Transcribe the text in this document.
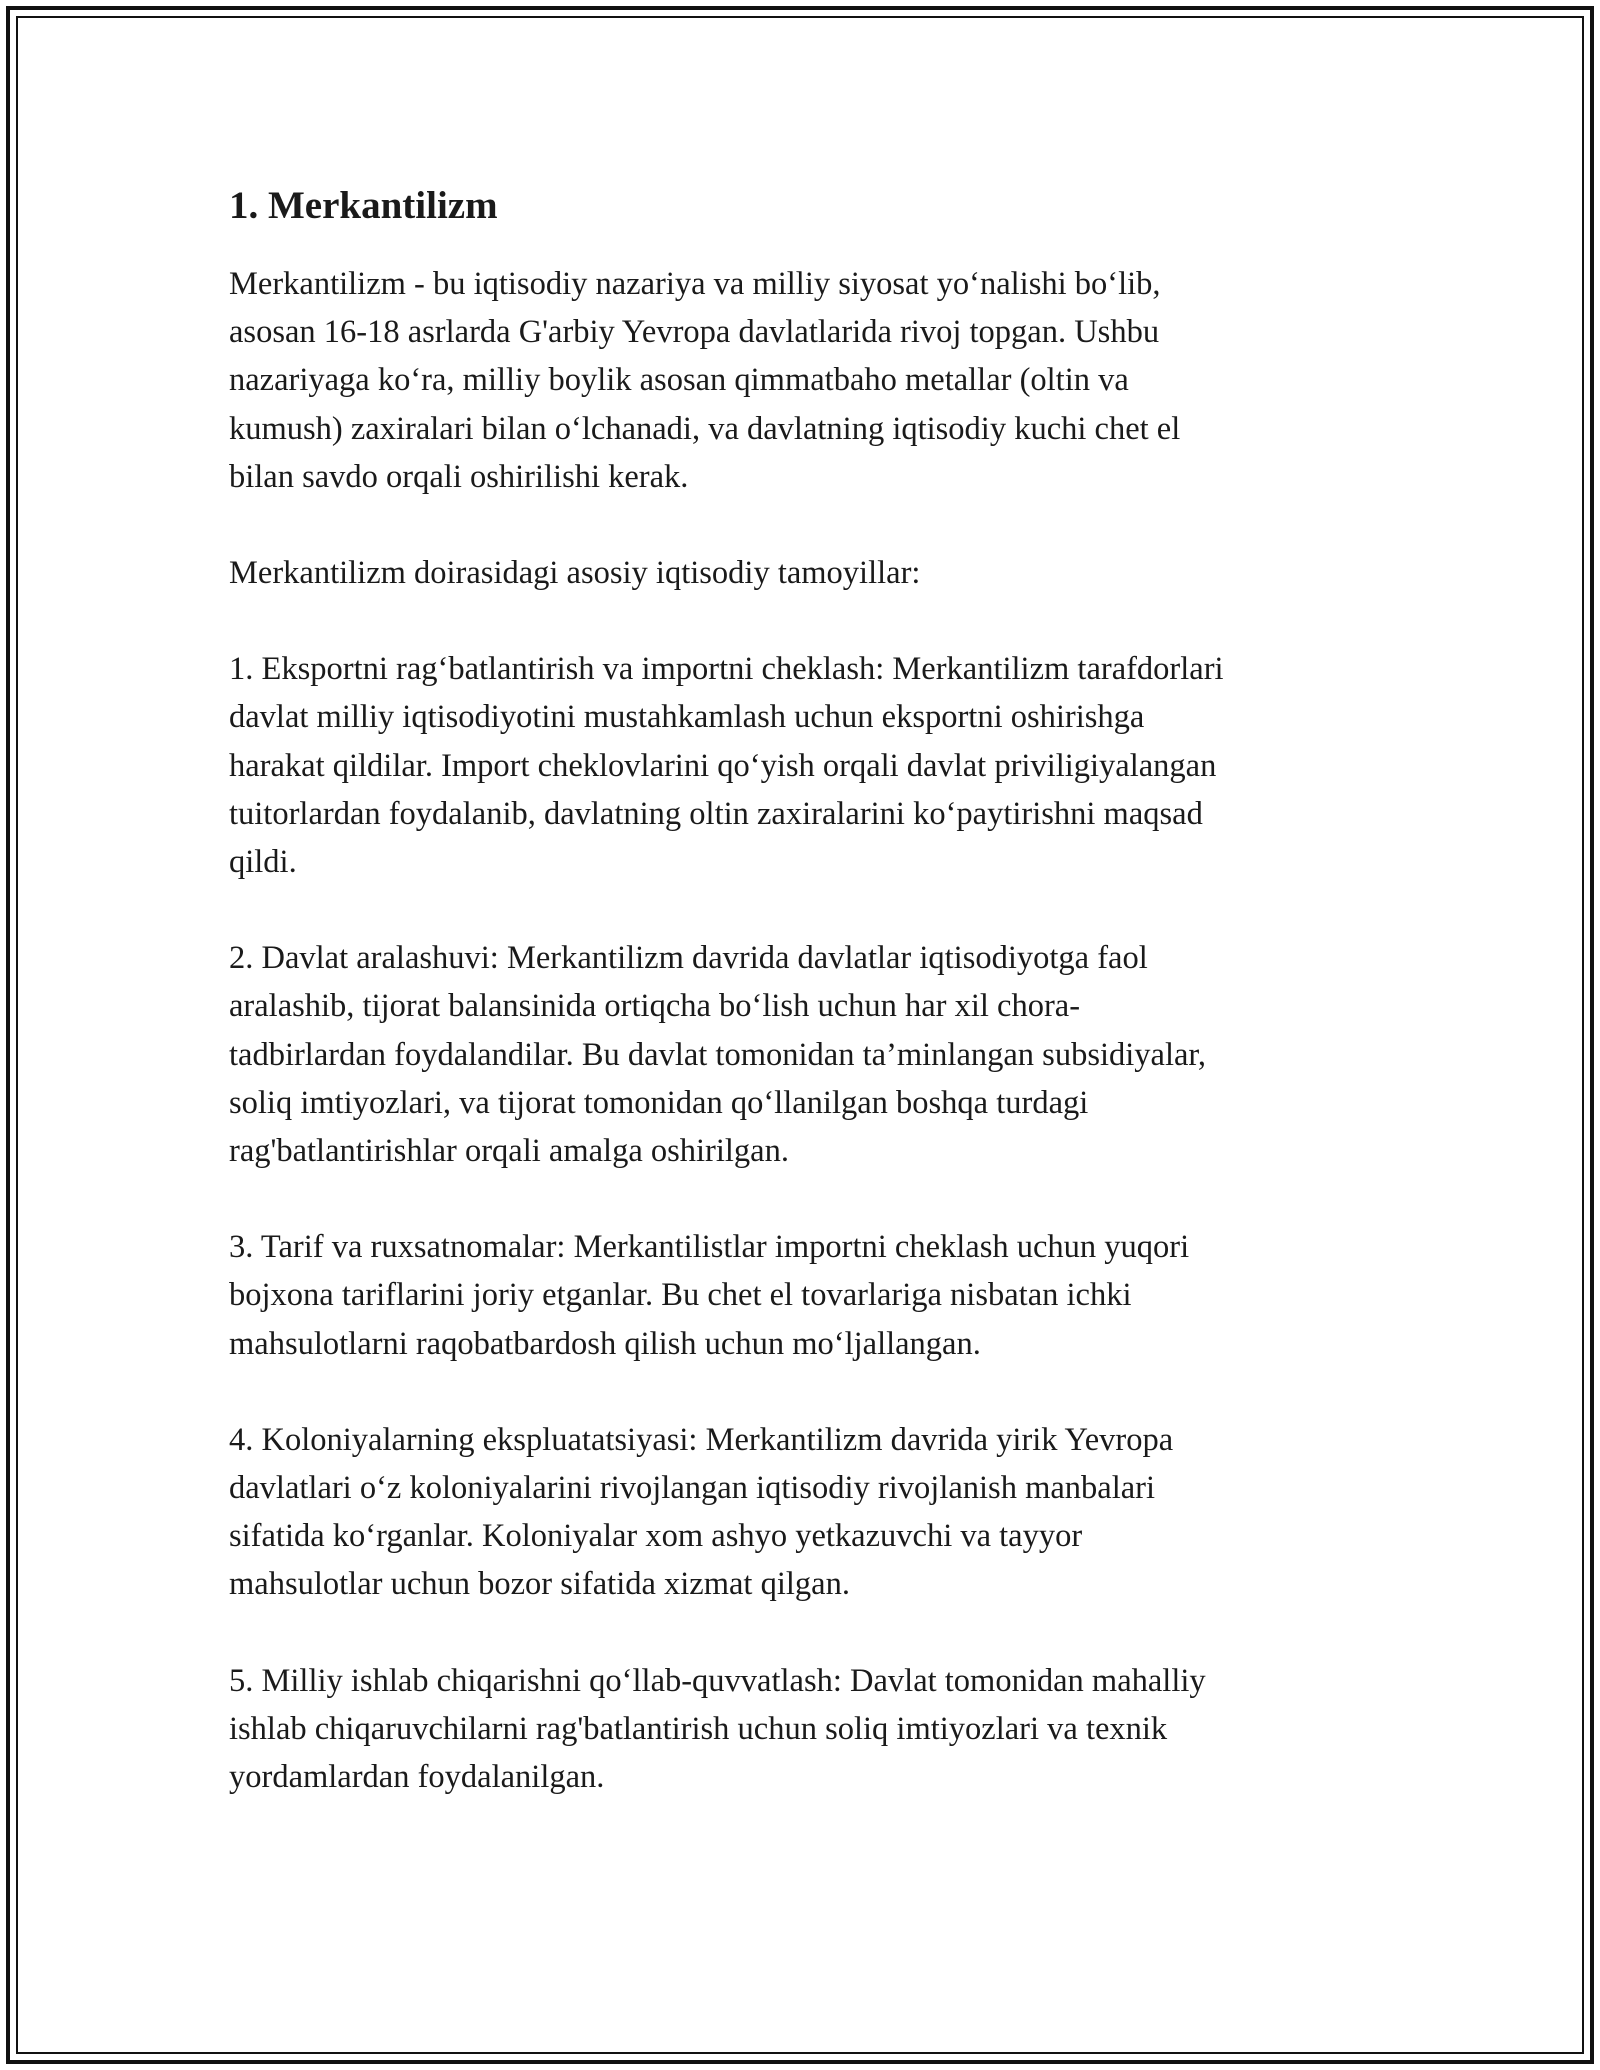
1. Merkantilizm
Merkantilizm - bu iqtisodiy nazariya va milliy siyosat yo‘nalishi bo‘lib,
asosan 16-18 asrlarda G'arbiy Yevropa davlatlarida rivoj topgan. Ushbu
nazariyaga ko‘ra, milliy boylik asosan qimmatbaho metallar (oltin va
kumush) zaxiralari bilan o‘lchanadi, va davlatning iqtisodiy kuchi chet el
bilan savdo orqali oshirilishi kerak.
Merkantilizm doirasidagi asosiy iqtisodiy tamoyillar:
1. Eksportni rag‘batlantirish va importni cheklash: Merkantilizm tarafdorlari
davlat milliy iqtisodiyotini mustahkamlash uchun eksportni oshirishga
harakat qildilar. Import cheklovlarini qo‘yish orqali davlat priviligiyalangan
tuitorlardan foydalanib, davlatning oltin zaxiralarini ko‘paytirishni maqsad
qildi.
2. Davlat aralashuvi: Merkantilizm davrida davlatlar iqtisodiyotga faol
aralashib, tijorat balansinida ortiqcha bo‘lish uchun har xil chora-
tadbirlardan foydalandilar. Bu davlat tomonidan ta’minlangan subsidiyalar,
soliq imtiyozlari, va tijorat tomonidan qo‘llanilgan boshqa turdagi
rag'batlantirishlar orqali amalga oshirilgan.
3. Tarif va ruxsatnomalar: Merkantilistlar importni cheklash uchun yuqori
bojxona tariflarini joriy etganlar. Bu chet el tovarlariga nisbatan ichki
mahsulotlarni raqobatbardosh qilish uchun mo‘ljallangan.
4. Koloniyalarning ekspluatatsiyasi: Merkantilizm davrida yirik Yevropa
davlatlari o‘z koloniyalarini rivojlangan iqtisodiy rivojlanish manbalari
sifatida ko‘rganlar. Koloniyalar xom ashyo yetkazuvchi va tayyor
mahsulotlar uchun bozor sifatida xizmat qilgan.
5. Milliy ishlab chiqarishni qo‘llab-quvvatlash: Davlat tomonidan mahalliy
ishlab chiqaruvchilarni rag'batlantirish uchun soliq imtiyozlari va texnik
yordamlardan foydalanilgan.
